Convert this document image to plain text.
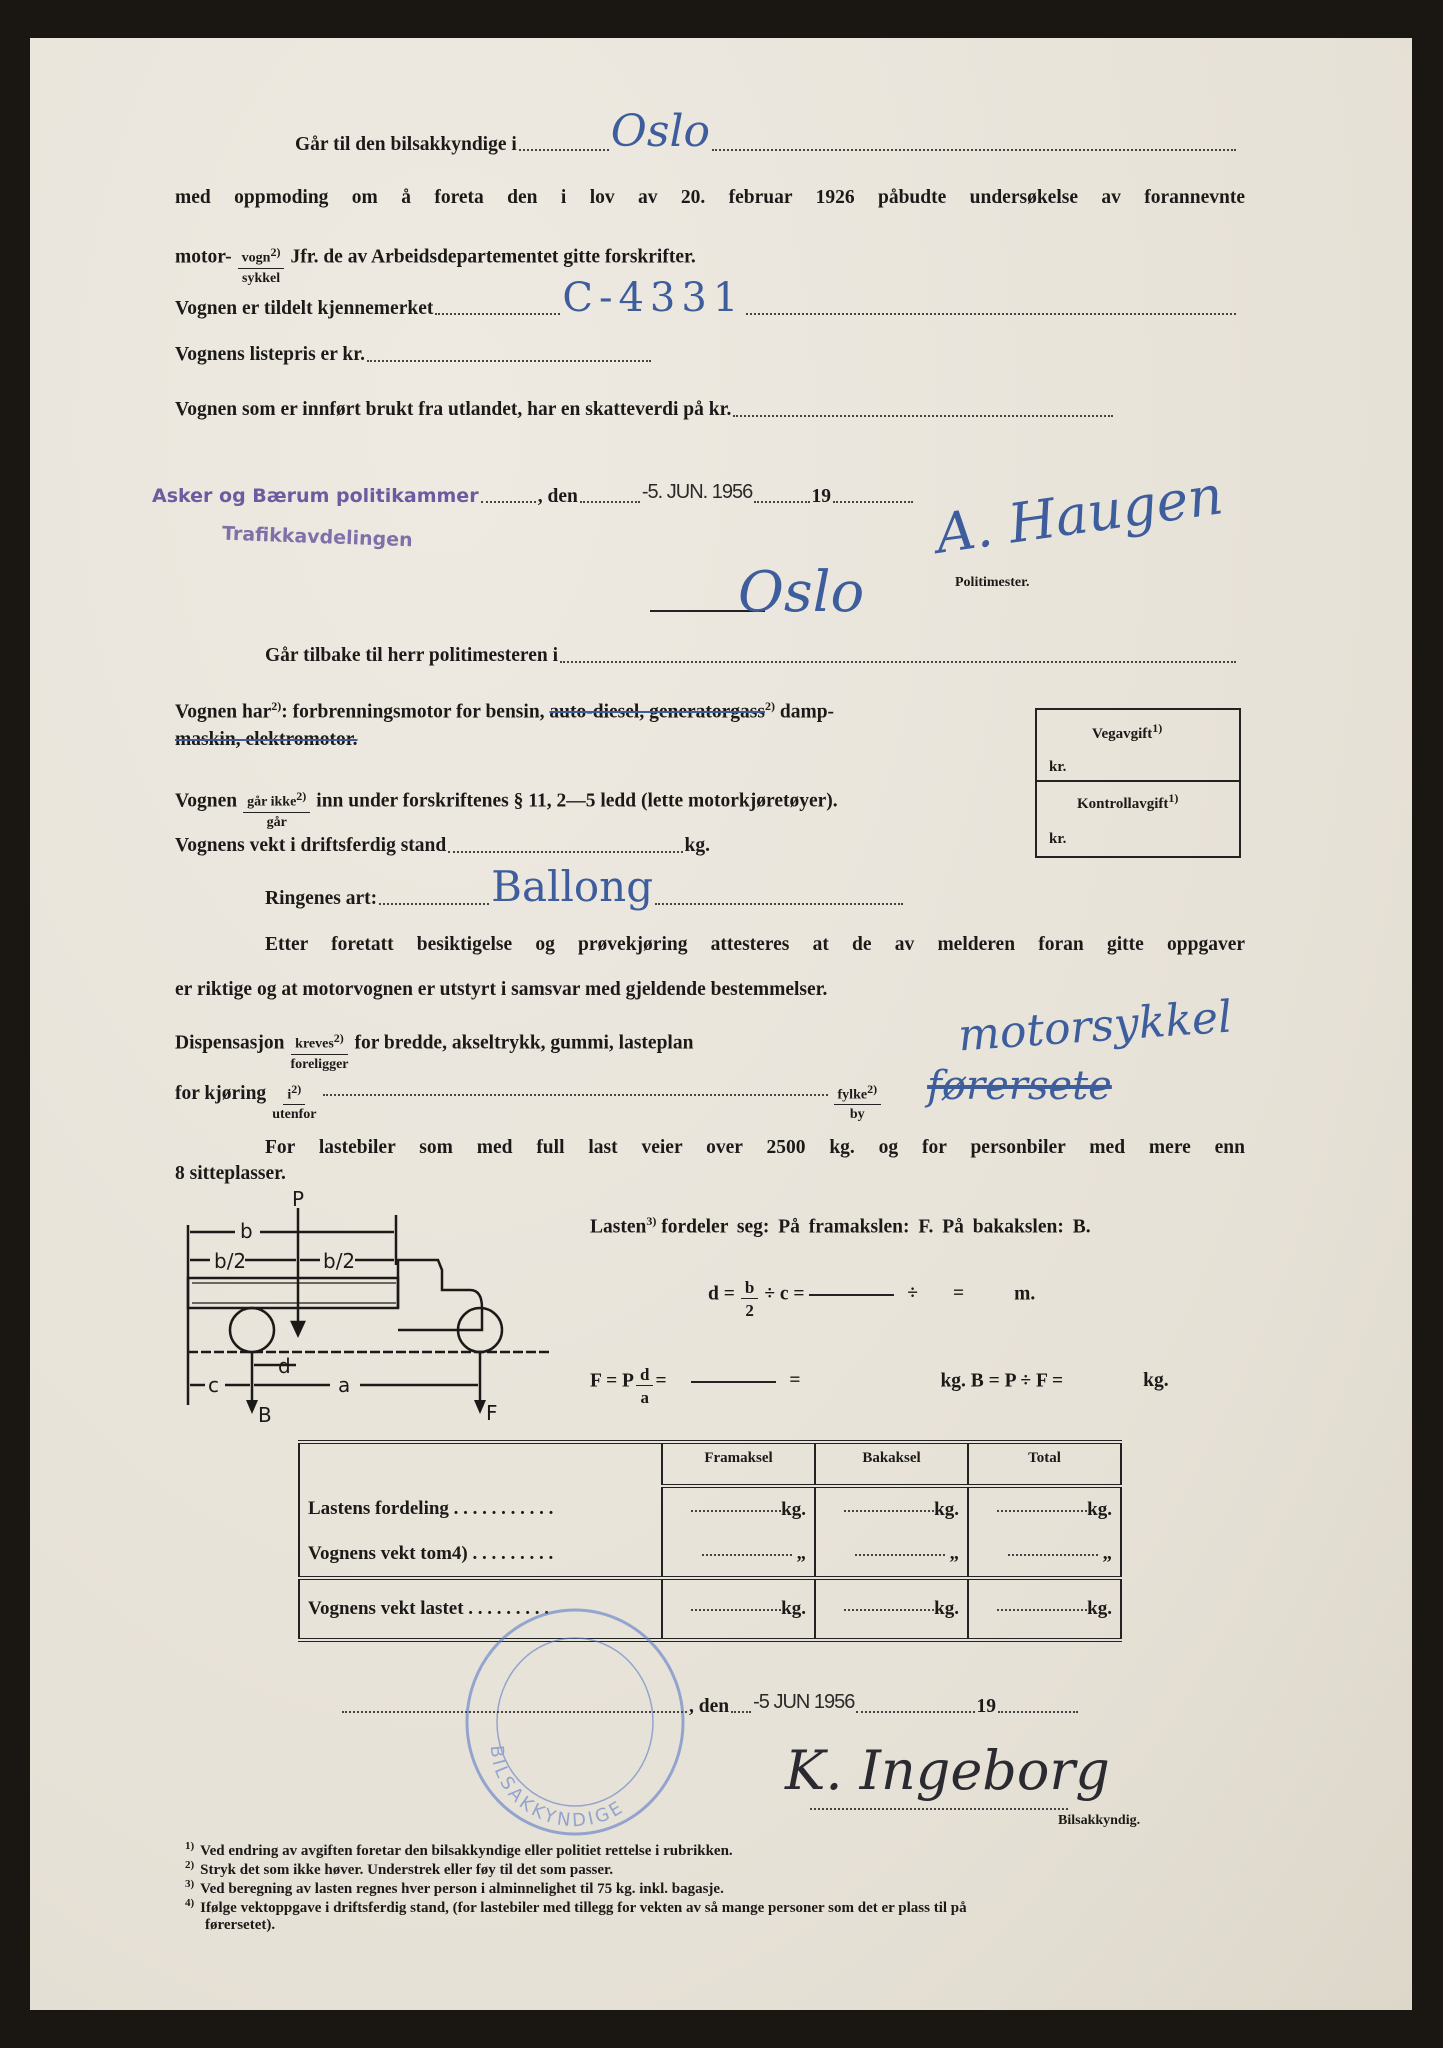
Går til den bilsakkyndige i Oslo
med oppmoding om å foreta den i lov av 20. februar 1926 påbudte undersøkelse av forannevnte
motor- $\frac{vogn^{2)}}{\text{sykkel}}$ Jfr. de av Arbeidsdepartementet gitte forskrifter.
Vognen er tildelt kjennemerket	C-4331
Vognens listepris er kr.
Vognen som er innført brukt fra utlandet, har en skatteverdi på kr.
Asker og Bærum politikammer	, den	-5. JUN. 1956	19
Trafikkavdelingen	A. Haugen
Politimester.
Oslo
Går tilbake til herr politimesteren i
Vognen har$^{2)}$: forbrenningsmotor for bensin, auto-diesel, generatorgass$^{2)}$ damp-
maskin, elektromotor.	Vegavgift$^{1)}$
kr.
Kontrollavgift$^{1)}$
kr.
Vognen $\frac{går ikke^{2)}}{\text{går}}$ inn under forskriftenes § 11, 2—5 ledd (lette motorkjøretøyer).
Vognens vekt i driftsferdig stand	kg.
Ringenes art:	Ballong
Etter foretatt besiktigelse og prøvekjøring attesteres at de av melderen foran gitte oppgaver
er riktige og at motorvognen er utstyrt i samsvar med gjeldende bestemmelser.
Dispensasjon $\frac{kreves^{2)}}{\text{foreligger}}$ for bredde, akseltrykk, gummi, lasteplan	motorsykkel
for kjøring $\frac{i^{2)}}{\text{utenfor}}$	$\frac{fylke^{2)}}{by}$ førersete
For lastebiler som med full last veier over 2500 kg. og for personbiler med mere enn
8 sitteplasser.
P
b
b/2	b/2
c	a
d
B	F
Lasten$^{3)}$ fordeler seg: På framakslen: F. På bakakslen: B.
$d = \frac{b}{2} \div c$ =	÷ =	m.
F = P $\frac{d}{a}$ =	=	kg. B = P ÷ F =	kg.
	Framaksel	Bakaksel	Total
Lastens fordeling . . . . . . . . . . .	kg.	kg.	kg.
Vognens vekt tom4) . . . . . . . . .	„	„	„
Vognens vekt lastet . . . . . . . . .	kg.	kg.	kg.
BILSAKKYNDIGE
, den -5 JUN 1956	19
K. Ingeborg
Bilsakkyndig.
$^{1)}$ Ved endring av avgiften foretar den bilsakkyndige eller politiet rettelse i rubrikken.
$^{2)}$ Stryk det som ikke høver. Understrek eller føy til det som passer.
$^{3)}$ Ved beregning av lasten regnes hver person i alminnelighet til 75 kg. inkl. bagasje.
$^{4)}$ Ifølge vektoppgave i driftsferdig stand, (for lastebiler med tillegg for vekten av så mange personer som det er plass til på
førersetet).
